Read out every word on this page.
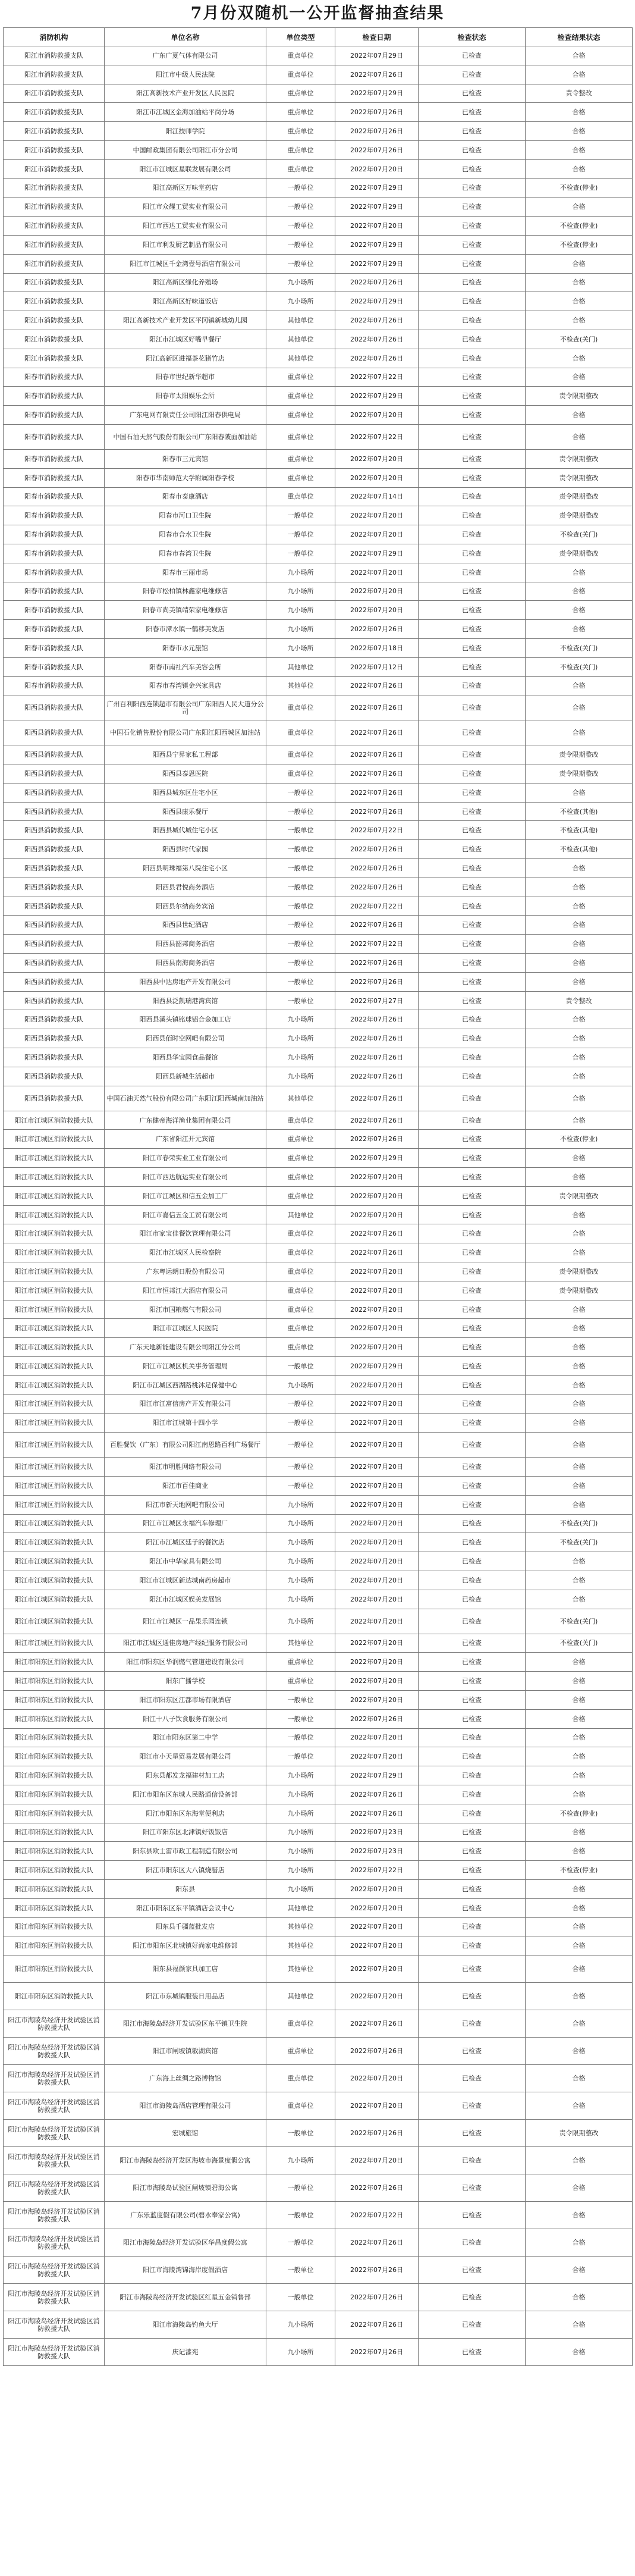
7月份双随机一公开监督抽查结果
消防机构	单位名称	单位类型	检查日期	检查状态	检查结果状态
阳江市消防救援支队	广东广夏气体有限公司	重点单位	2022年07月29日	已检查	合格
阳江市消防救援支队	阳江市中级人民法院	重点单位	2022年07月26日	已检查	合格
阳江市消防救援支队	阳江高新技术产业开发区人民医院	重点单位	2022年07月29日	已检查	责令整改
阳江市消防救援支队	阳江市江城区金海加油站平岗分场	重点单位	2022年07月26日	已检查	合格
阳江市消防救援支队	阳江技师学院	重点单位	2022年07月26日	已检查	合格
阳江市消防救援支队	中国邮政集团有限公司阳江市分公司	重点单位	2022年07月26日	已检查	合格
阳江市消防救援支队	阳江市江城区星联发展有限公司	重点单位	2022年07月20日	已检查	合格
阳江市消防救援支队	阳江高新区万味堂药店	一般单位	2022年07月29日	已检查	不检查(停业)
阳江市消防救援支队	阳江市众耀工贸实业有限公司	一般单位	2022年07月29日	已检查	合格
阳江市消防救援支队	阳江市西达工贸实业有限公司	一般单位	2022年07月20日	已检查	不检查(停业)
阳江市消防救援支队	阳江市利发厨艺制品有限公司	一般单位	2022年07月29日	已检查	不检查(停业)
阳江市消防救援支队	阳江市江城区千金湾壹号酒店有限公司	一般单位	2022年07月29日	已检查	合格
阳江市消防救援支队	阳江高新区绿化养殖场	九小场所	2022年07月26日	已检查	合格
阳江市消防救援支队	阳江高新区好味道饭店	九小场所	2022年07月29日	已检查	合格
阳江市消防救援支队	阳江高新技术产业开发区平冈镇新城幼儿园	其他单位	2022年07月26日	已检查	合格
阳江市消防救援支队	阳江市江城区好嘴早餐厅	其他单位	2022年07月26日	已检查	不检查(关门)
阳江市消防救援支队	阳江高新区进福茶花猪竹店	其他单位	2022年07月26日	已检查	合格
阳春市消防救援大队	阳春市世纪新华超市	重点单位	2022年07月22日	已检查	合格
阳春市消防救援大队	阳春市太阳娱乐会所	重点单位	2022年07月29日	已检查	责令限期整改
阳春市消防救援大队	广东电网有限责任公司阳江阳春供电局	重点单位	2022年07月20日	已检查	合格
阳春市消防救援大队	中国石油天然气股份有限公司广东阳春陂面加油站	重点单位	2022年07月22日	已检查	合格
阳春市消防救援大队	阳春市三元宾馆	重点单位	2022年07月20日	已检查	责令限期整改
阳春市消防救援大队	阳春市华南师范大学附属阳春学校	重点单位	2022年07月20日	已检查	责令限期整改
阳春市消防救援大队	阳春市泰康酒店	重点单位	2022年07月14日	已检查	责令限期整改
阳春市消防救援大队	阳春市河口卫生院	一般单位	2022年07月20日	已检查	责令限期整改
阳春市消防救援大队	阳春市合水卫生院	一般单位	2022年07月20日	已检查	不检查(关门)
阳春市消防救援大队	阳春市春湾卫生院	一般单位	2022年07月29日	已检查	责令限期整改
阳春市消防救援大队	阳春市三丽市场	九小场所	2022年07月20日	已检查	合格
阳春市消防救援大队	阳春市松柏镇林鑫家电维修店	九小场所	2022年07月20日	已检查	合格
阳春市消防救援大队	阳春市尚美镇靖荣家电维修店	九小场所	2022年07月20日	已检查	合格
阳春市消防救援大队	阳春市潭水镇一鹤移美发店	九小场所	2022年07月26日	已检查	合格
阳春市消防救援大队	阳春市水元旅馆	九小场所	2022年07月18日	已检查	不检查(关门)
阳春市消防救援大队	阳春市南社汽车美容会所	其他单位	2022年07月12日	已检查	不检查(关门)
阳春市消防救援大队	阳春市春湾镇金兴家具店	其他单位	2022年07月26日	已检查	合格
阳西县消防救援大队	广州百利阳西连锁超市有限公司广东阳西人民大道分公司	重点单位	2022年07月26日	已检查	合格
阳西县消防救援大队	中国石化销售股份有限公司广东阳江阳西城区加油站	重点单位	2022年07月26日	已检查	合格
阳西县消防救援大队	阳西县宁昇家私工程部	重点单位	2022年07月26日	已检查	责令限期整改
阳西县消防救援大队	阳西县泰恩医院	重点单位	2022年07月26日	已检查	责令限期整改
阳西县消防救援大队	阳西县城东区住宅小区	一般单位	2022年07月26日	已检查	合格
阳西县消防救援大队	阳西县康乐餐厅	一般单位	2022年07月26日	已检查	不检查(其他)
阳西县消防救援大队	阳西县城代城住宅小区	一般单位	2022年07月22日	已检查	不检查(其他)
阳西县消防救援大队	阳西县时代家园	一般单位	2022年07月26日	已检查	不检查(其他)
阳西县消防救援大队	阳西县明珠福第八院住宅小区	一般单位	2022年07月26日	已检查	合格
阳西县消防救援大队	阳西县君悦商务酒店	一般单位	2022年07月26日	已检查	合格
阳西县消防救援大队	阳西县尔纳商务宾馆	一般单位	2022年07月22日	已检查	合格
阳西县消防救援大队	阳西县世纪酒店	一般单位	2022年07月26日	已检查	合格
阳西县消防救援大队	阳西县韶邦商务酒店	一般单位	2022年07月22日	已检查	合格
阳西县消防救援大队	阳西县南海商务酒店	一般单位	2022年07月26日	已检查	合格
阳西县消防救援大队	阳西县中达房地产开发有限公司	一般单位	2022年07月26日	已检查	合格
阳西县消防救援大队	阳西县泛凯瑞港湾宾馆	一般单位	2022年07月27日	已检查	责令整改
阳西县消防救援大队	阳西县溪头镇铭球铝合金加工店	九小场所	2022年07月26日	已检查	合格
阳西县消防救援大队	阳西县佰时空网吧有限公司	九小场所	2022年07月26日	已检查	合格
阳西县消防救援大队	阳西县华宝园食品餐馆	九小场所	2022年07月26日	已检查	合格
阳西县消防救援大队	阳西县新城生活超市	九小场所	2022年07月26日	已检查	合格
阳西县消防救援大队	中国石油天然气股份有限公司广东阳江阳西城南加油站	其他单位	2022年07月26日	已检查	合格
阳江市江城区消防救援大队	广东健帝海洋渔业集团有限公司	重点单位	2022年07月26日	已检查	合格
阳江市江城区消防救援大队	广东省阳江开元宾馆	重点单位	2022年07月26日	已检查	不检查(停业)
阳江市江城区消防救援大队	阳江市春荣实业工业有限公司	重点单位	2022年07月29日	已检查	合格
阳江市江城区消防救援大队	阳江市西达航运实业有限公司	重点单位	2022年07月20日	已检查	合格
阳江市江城区消防救援大队	阳江市江城区和信五金加工厂	重点单位	2022年07月20日	已检查	责令限期整改
阳江市江城区消防救援大队	阳江市嘉信五金工贸有限公司	其他单位	2022年07月20日	已检查	合格
阳江市江城区消防救援大队	阳江市家宝佳餐饮管理有限公司	重点单位	2022年07月26日	已检查	合格
阳江市江城区消防救援大队	阳江市江城区人民检察院	重点单位	2022年07月26日	已检查	合格
阳江市江城区消防救援大队	广东粤运朗日股份有限公司	重点单位	2022年07月20日	已检查	责令限期整改
阳江市江城区消防救援大队	阳江市恒邦江大酒店有限公司	重点单位	2022年07月20日	已检查	责令限期整改
阳江市江城区消防救援大队	阳江市国粮燃气有限公司	重点单位	2022年07月20日	已检查	合格
阳江市江城区消防救援大队	阳江市江城区人民医院	重点单位	2022年07月20日	已检查	合格
阳江市江城区消防救援大队	广东天地新能建设有限公司阳江分公司	重点单位	2022年07月20日	已检查	合格
阳江市江城区消防救援大队	阳江市江城区机关事务管理局	一般单位	2022年07月29日	已检查	合格
阳江市江城区消防救援大队	阳江市江城区西湖路桃沐足保健中心	九小场所	2022年07月20日	已检查	合格
阳江市江城区消防救援大队	阳江市江富信房产开发有限公司	一般单位	2022年07月20日	已检查	合格
阳江市江城区消防救援大队	阳江市江城第十四小学	一般单位	2022年07月20日	已检查	合格
阳江市江城区消防救援大队	百胜餐饮（广东）有限公司阳江南恩路百利广场餐厅	一般单位	2022年07月20日	已检查	合格
阳江市江城区消防救援大队	阳江市明胜网络有限公司	一般单位	2022年07月20日	已检查	合格
阳江市江城区消防救援大队	阳江市百佳商业	一般单位	2022年07月20日	已检查	合格
阳江市江城区消防救援大队	阳江市新天地网吧有限公司	九小场所	2022年07月20日	已检查	合格
阳江市江城区消防救援大队	阳江市江城区永福汽车修理厂	九小场所	2022年07月20日	已检查	不检查(关门)
阳江市江城区消防救援大队	阳江市江城区廷子的餐饮店	九小场所	2022年07月20日	已检查	不检查(关门)
阳江市江城区消防救援大队	阳江市中华家具有限公司	九小场所	2022年07月20日	已检查	合格
阳江市江城区消防救援大队	阳江市江城区新达城南药房超市	九小场所	2022年07月20日	已检查	合格
阳江市江城区消防救援大队	阳江市江城区娱美发展馆	九小场所	2022年07月20日	已检查	合格
阳江市江城区消防救援大队	阳江市江城区一品果乐园连锁	九小场所	2022年07月20日	已检查	不检查(关门)
阳江市江城区消防救援大队	阳江市江城区通佳房地产经纪服务有限公司	其他单位	2022年07月20日	已检查	不检查(关门)
阳江市阳东区消防救援大队	阳江市阳东区华润燃气管道建设有限公司	重点单位	2022年07月20日	已检查	合格
阳江市阳东区消防救援大队	阳东广播学校	重点单位	2022年07月20日	已检查	合格
阳江市阳东区消防救援大队	阳江市阳东区江都市场有限酒店	一般单位	2022年07月20日	已检查	合格
阳江市阳东区消防救援大队	阳江十八子饮食服务有限公司	一般单位	2022年07月26日	已检查	合格
阳江市阳东区消防救援大队	阳江市阳东区第二中学	一般单位	2022年07月20日	已检查	合格
阳江市阳东区消防救援大队	阳江市小天星贸易发展有限公司	一般单位	2022年07月20日	已检查	合格
阳江市阳东区消防救援大队	阳东县都发龙福建材加工店	九小场所	2022年07月29日	已检查	合格
阳江市阳东区消防救援大队	阳江市阳东区东城人民路通信设备部	九小场所	2022年07月26日	已检查	合格
阳江市阳东区消防救援大队	阳江市阳东区东海堂便利店	九小场所	2022年07月26日	已检查	不检查(停业)
阳江市阳东区消防救援大队	阳江市阳东区北津镇好饭饭店	九小场所	2022年07月23日	已检查	合格
阳江市阳东区消防救援大队	阳东县欧士雷市政工程制造有限公司	九小场所	2022年07月23日	已检查	合格
阳江市阳东区消防救援大队	阳江市阳东区大八镇烧腊店	九小场所	2022年07月22日	已检查	不检查(停业)
阳江市阳东区消防救援大队	阳东县	九小场所	2022年07月20日	已检查	合格
阳江市阳东区消防救援大队	阳江市阳东区东平镇酒店会议中心	其他单位	2022年07月20日	已检查	合格
阳江市阳东区消防救援大队	阳东县千疆蓝批发店	其他单位	2022年07月20日	已检查	合格
阳江市阳东区消防救援大队	阳江市阳东区北城镇好尚家电维修部	其他单位	2022年07月20日	已检查	合格
阳江市阳东区消防救援大队	阳东县福颜家具加工店	其他单位	2022年07月20日	已检查	合格
阳江市阳东区消防救援大队	阳江市东城镇服装日用品店	其他单位	2022年07月20日	已检查	合格
阳江市海陵岛经济开发试验区消防救援大队	阳江市海陵岛经济开发试验区东平镇卫生院	重点单位	2022年07月26日	已检查	合格
阳江市海陵岛经济开发试验区消防救援大队	阳江市闸坡镇敏湖宾馆	重点单位	2022年07月26日	已检查	合格
阳江市海陵岛经济开发试验区消防救援大队	广东海上丝绸之路博物馆	重点单位	2022年07月20日	已检查	合格
阳江市海陵岛经济开发试验区消防救援大队	阳江市海陵岛酒店管理有限公司	重点单位	2022年07月20日	已检查	合格
阳江市海陵岛经济开发试验区消防救援大队	宏城旅馆	一般单位	2022年07月26日	已检查	责令限期整改
阳江市海陵岛经济开发试验区消防救援大队	阳江市海陵岛经济开发区海坡市海景度假公寓	九小场所	2022年07月20日	已检查	合格
阳江市海陵岛经济开发试验区消防救援大队	阳江市海陵岛试验区闸坡镇碧海公寓	一般单位	2022年07月26日	已检查	合格
阳江市海陵岛经济开发试验区消防救援大队	广东乐蓝度假有限公司(碧水奉家公寓)	一般单位	2022年07月22日	已检查	合格
阳江市海陵岛经济开发试验区消防救援大队	阳江市海陵岛经济开发试验区华昌度假公寓	一般单位	2022年07月26日	已检查	合格
阳江市海陵岛经济开发试验区消防救援大队	阳江市海陵湾锦海岸度假酒店	一般单位	2022年07月26日	已检查	合格
阳江市海陵岛经济开发试验区消防救援大队	阳江市海陵岛经济开发试验区红星五金销售部	一般单位	2022年07月26日	已检查	合格
阳江市海陵岛经济开发试验区消防救援大队	阳江市海陵岛钓鱼大厅	九小场所	2022年07月26日	已检查	合格
阳江市海陵岛经济开发试验区消防救援大队	庆记漆苑	九小场所	2022年07月26日	已检查	合格
